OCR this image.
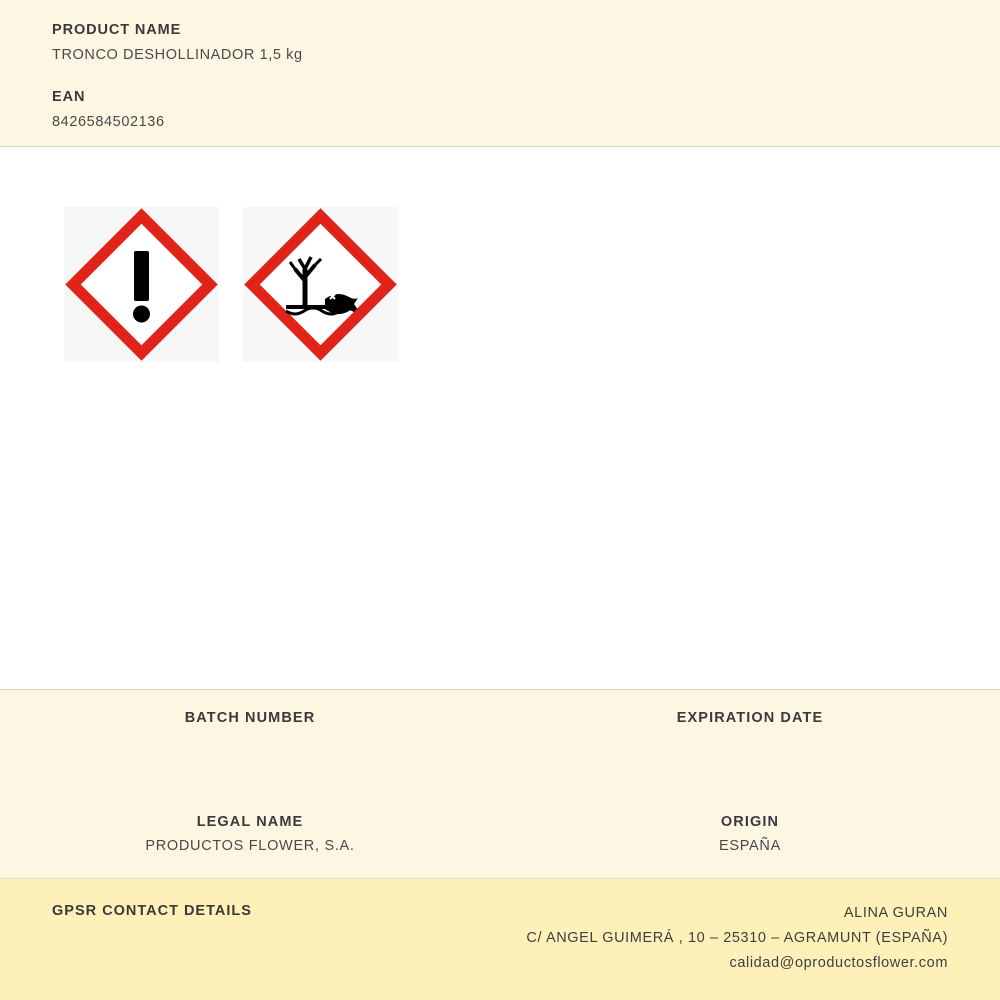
PRODUCT NAME
TRONCO DESHOLLINADOR 1,5 kg
EAN
8426584502136
BATCH NUMBER	EXPIRATION DATE
LEGAL NAME
PRODUCTOS FLOWER, S.A.
ORIGIN
ESPAÑA
GPSR CONTACT DETAILS	ALINA GURAN
C/ ANGEL GUIMERÁ , 10 – 25310 – AGRAMUNT (ESPAÑA)
calidad@oproductosflower.com
